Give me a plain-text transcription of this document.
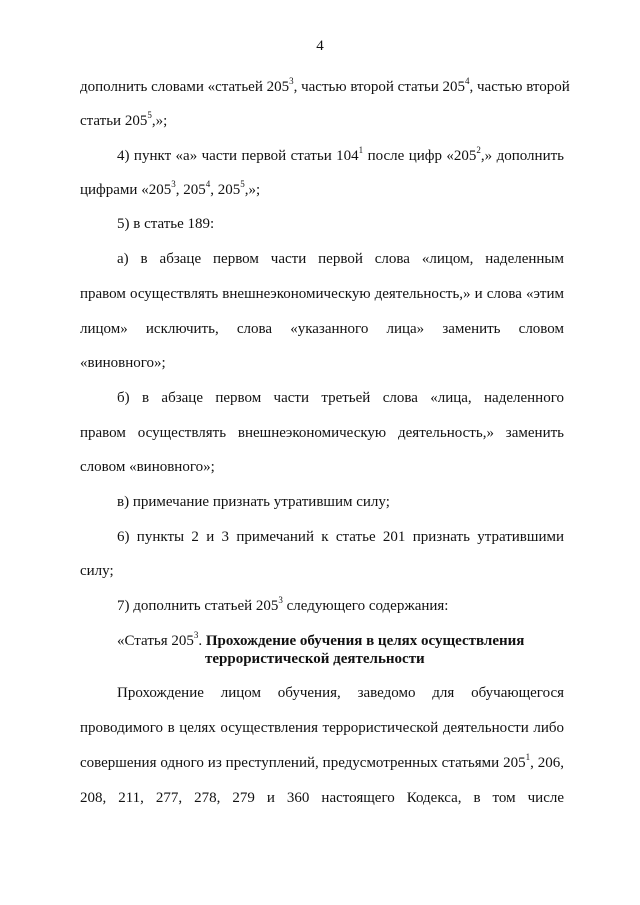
4
дополнить словами «статьей $205^3$, частью второй статьи $205^4$, частью второй
статьи $205^5$,»;
4) пункт «а» части первой статьи $104^1$ после цифр «$205^2$,» дополнить
цифрами «$205^3$, $205^4$, $205^5$,»;
5) в статье 189:
а) в абзаце первом части первой слова «лицом, наделенным
правом осуществлять внешнеэкономическую деятельность,» и слова «этим
лицом» исключить, слова «указанного лица» заменить словом
«виновного»;
б) в абзаце первом части третьей слова «лица, наделенного
правом осуществлять внешнеэкономическую деятельность,» заменить
словом «виновного»;
в) примечание признать утратившим силу;
6) пункты 2 и 3 примечаний к статье 201 признать утратившими
силу;
7) дополнить статьей $205^3$ следующего содержания:
«Статья $205^3$. Прохождение обучения в целях осуществления
террористической деятельности
Прохождение лицом обучения, заведомо для обучающегося
проводимого в целях осуществления террористической деятельности либо
совершения одного из преступлений, предусмотренных статьями $205^1$, 206,
208, 211, 277, 278, 279 и 360 настоящего Кодекса, в том числе
